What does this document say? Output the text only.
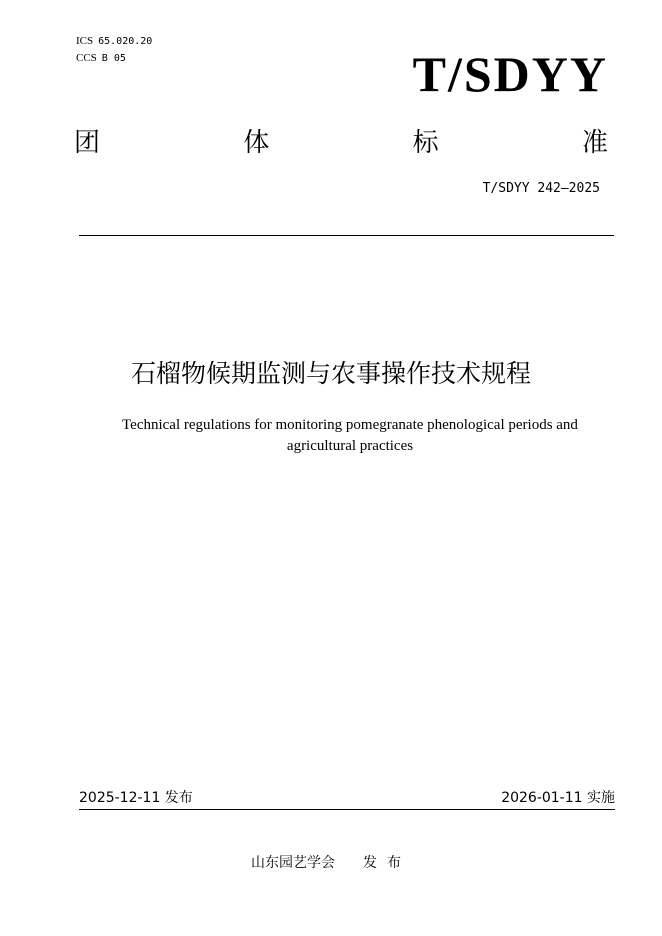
ICS 65.020.20
CCS B 05	T/SDYY
团	体	标	准
T/SDYY 242—2025
石榴物候期监测与农事操作技术规程
Technical regulations for monitoring pomegranate phenological periods and
agricultural practices
2025-12-11 发布	2026-01-11 实施
山东园艺学会 发布
